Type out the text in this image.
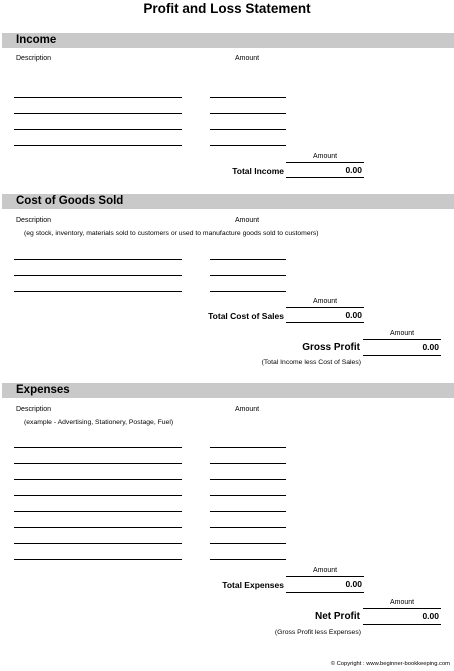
Profit and Loss Statement
Income
Description	Amount
Amount
Total Income	0.00
Cost of Goods Sold
Description	Amount
(eg stock, inventory, materials sold to customers or used to manufacture goods sold to customers)
Amount
Total Cost of Sales	0.00
Amount
Gross Profit	0.00
(Total Income less Cost of Sales)
Expenses
Description	Amount
(example - Advertising, Stationery, Postage, Fuel)
Amount
Total Expenses	0.00
Amount
Net Profit	0.00
(Gross Profit less Expenses)
© Copyright : www.beginner-bookkeeping.com
